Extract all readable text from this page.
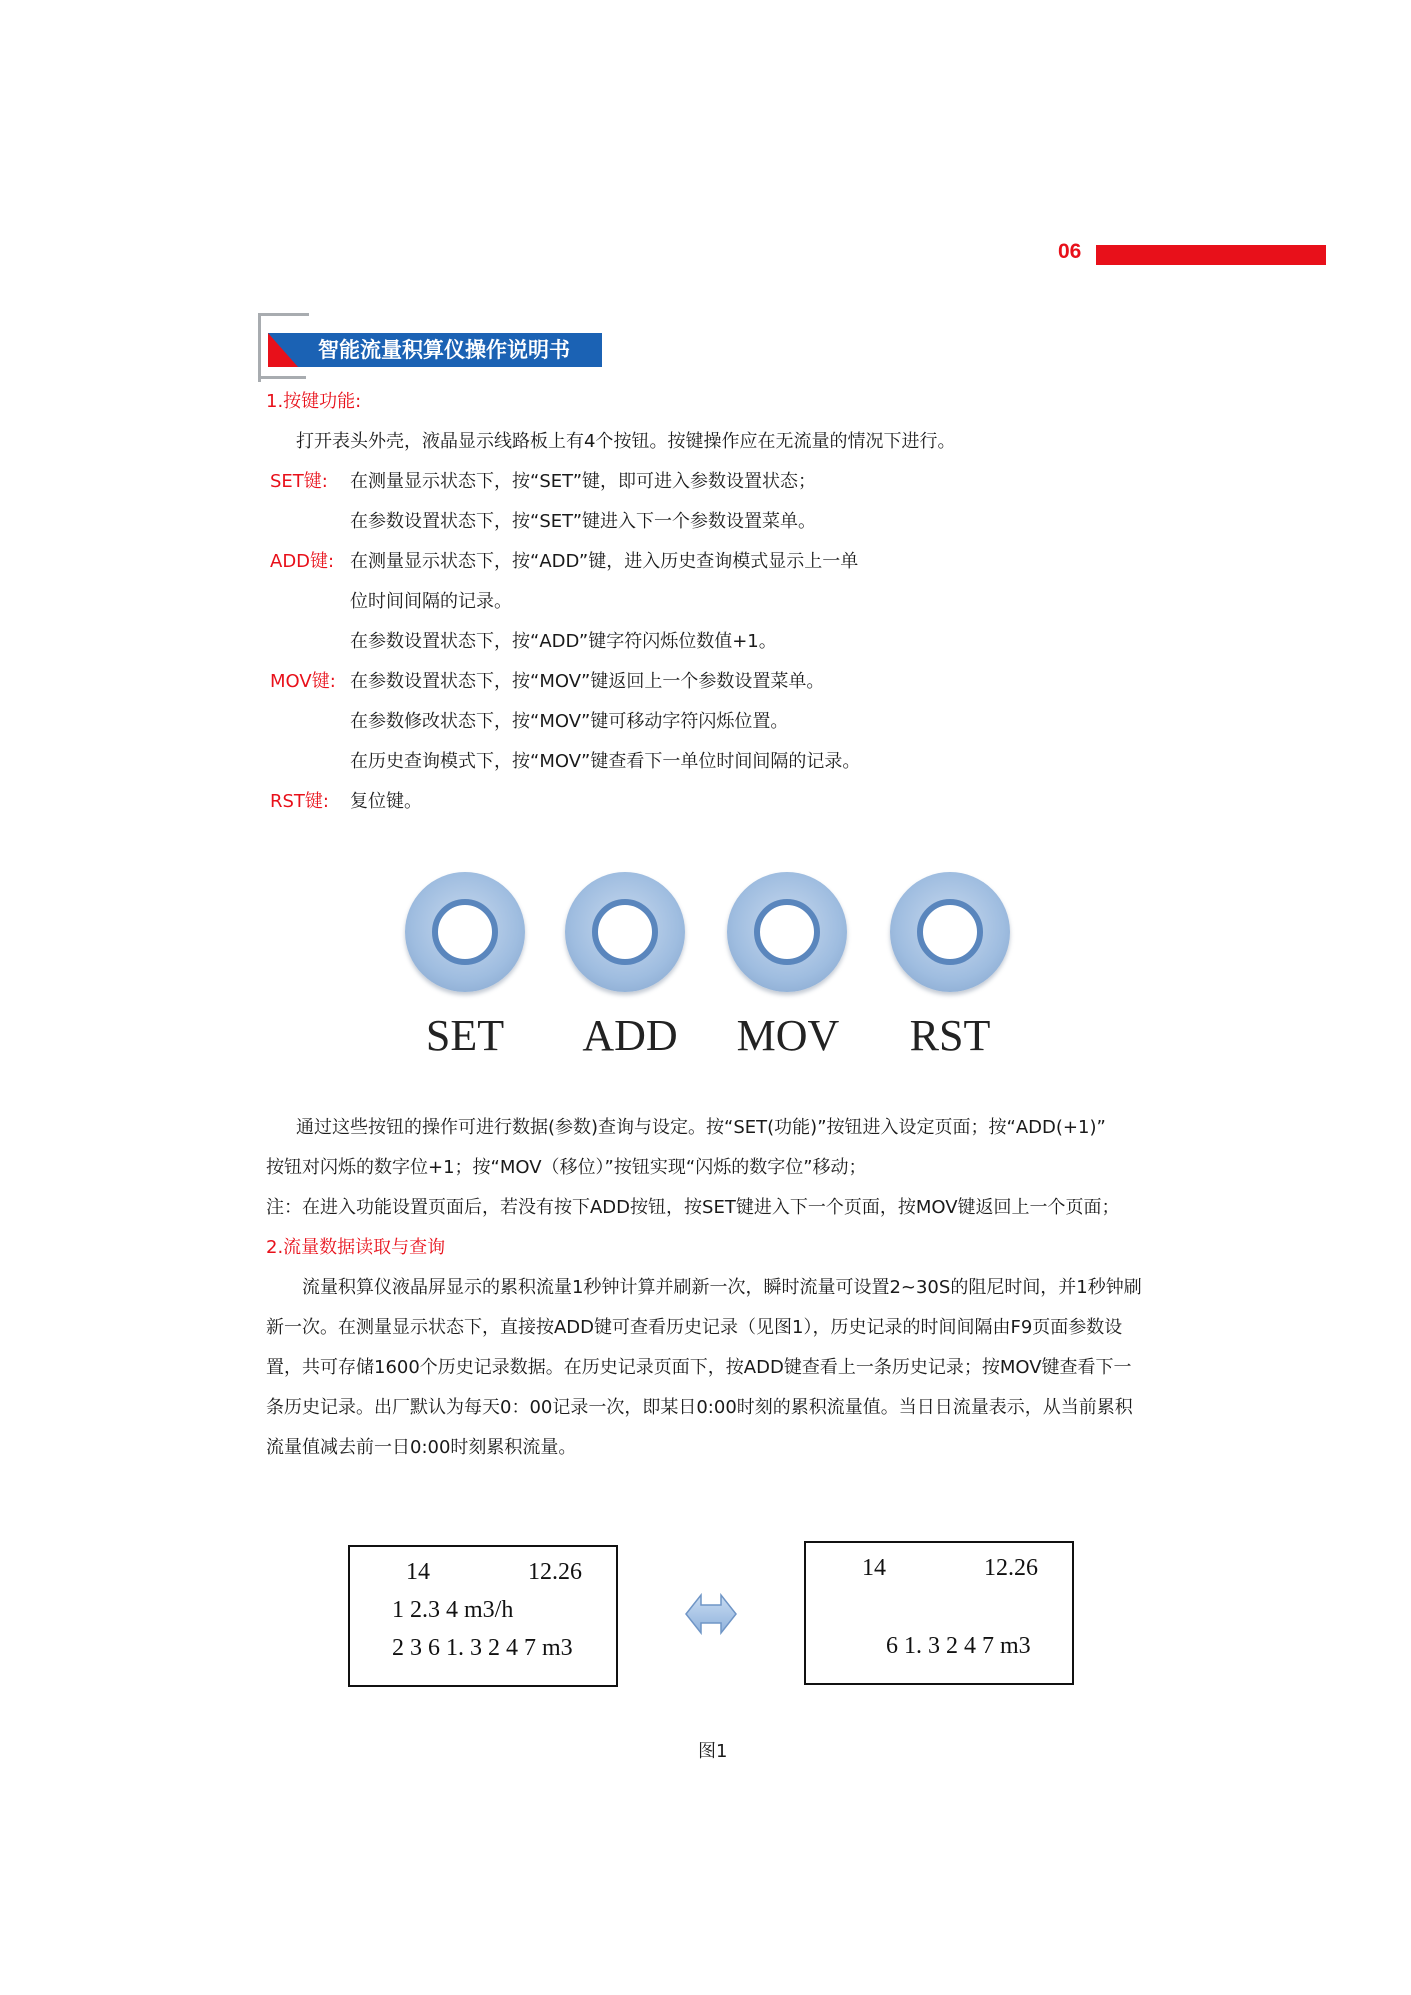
06
智能流量积算仪操作说明书
1.按键功能:
打开表头外壳，液晶显示线路板上有4个按钮。按键操作应在无流量的情况下进行。
SET键: 在测量显示状态下，按“SET”键，即可进入参数设置状态；
在参数设置状态下，按“SET”键进入下一个参数设置菜单。
ADD键: 在测量显示状态下，按“ADD”键，进入历史查询模式显示上一单
位时间间隔的记录。
在参数设置状态下，按“ADD”键字符闪烁位数值+1。
MOV键: 在参数设置状态下，按“MOV”键返回上一个参数设置菜单。
在参数修改状态下，按“MOV”键可移动字符闪烁位置。
在历史查询模式下，按“MOV”键查看下一单位时间间隔的记录。
RST键: 复位键。
SET	ADD	MOV	RST
通过这些按钮的操作可进行数据(参数)查询与设定。按“SET(功能)”按钮进入设定页面；按“ADD(+1)”
按钮对闪烁的数字位+1；按“MOV（移位）”按钮实现“闪烁的数字位”移动；
注：在进入功能设置页面后，若没有按下ADD按钮，按SET键进入下一个页面，按MOV键返回上一个页面；
2.流量数据读取与查询
流量积算仪液晶屏显示的累积流量1秒钟计算并刷新一次，瞬时流量可设置2~30S的阻尼时间，并1秒钟刷
新一次。在测量显示状态下，直接按ADD键可查看历史记录（见图1），历史记录的时间间隔由F9页面参数设
置，共可存储1600个历史记录数据。在历史记录页面下，按ADD键查看上一条历史记录；按MOV键查看下一
条历史记录。出厂默认为每天0：00记录一次，即某日0:00时刻的累积流量值。当日日流量表示，从当前累积
流量值减去前一日0:00时刻累积流量。
14	12.26
1 2.3 4 m3/h
2 3 6 1. 3 2 4 7 m3
14	12.26
6 1. 3 2 4 7 m3
图1
